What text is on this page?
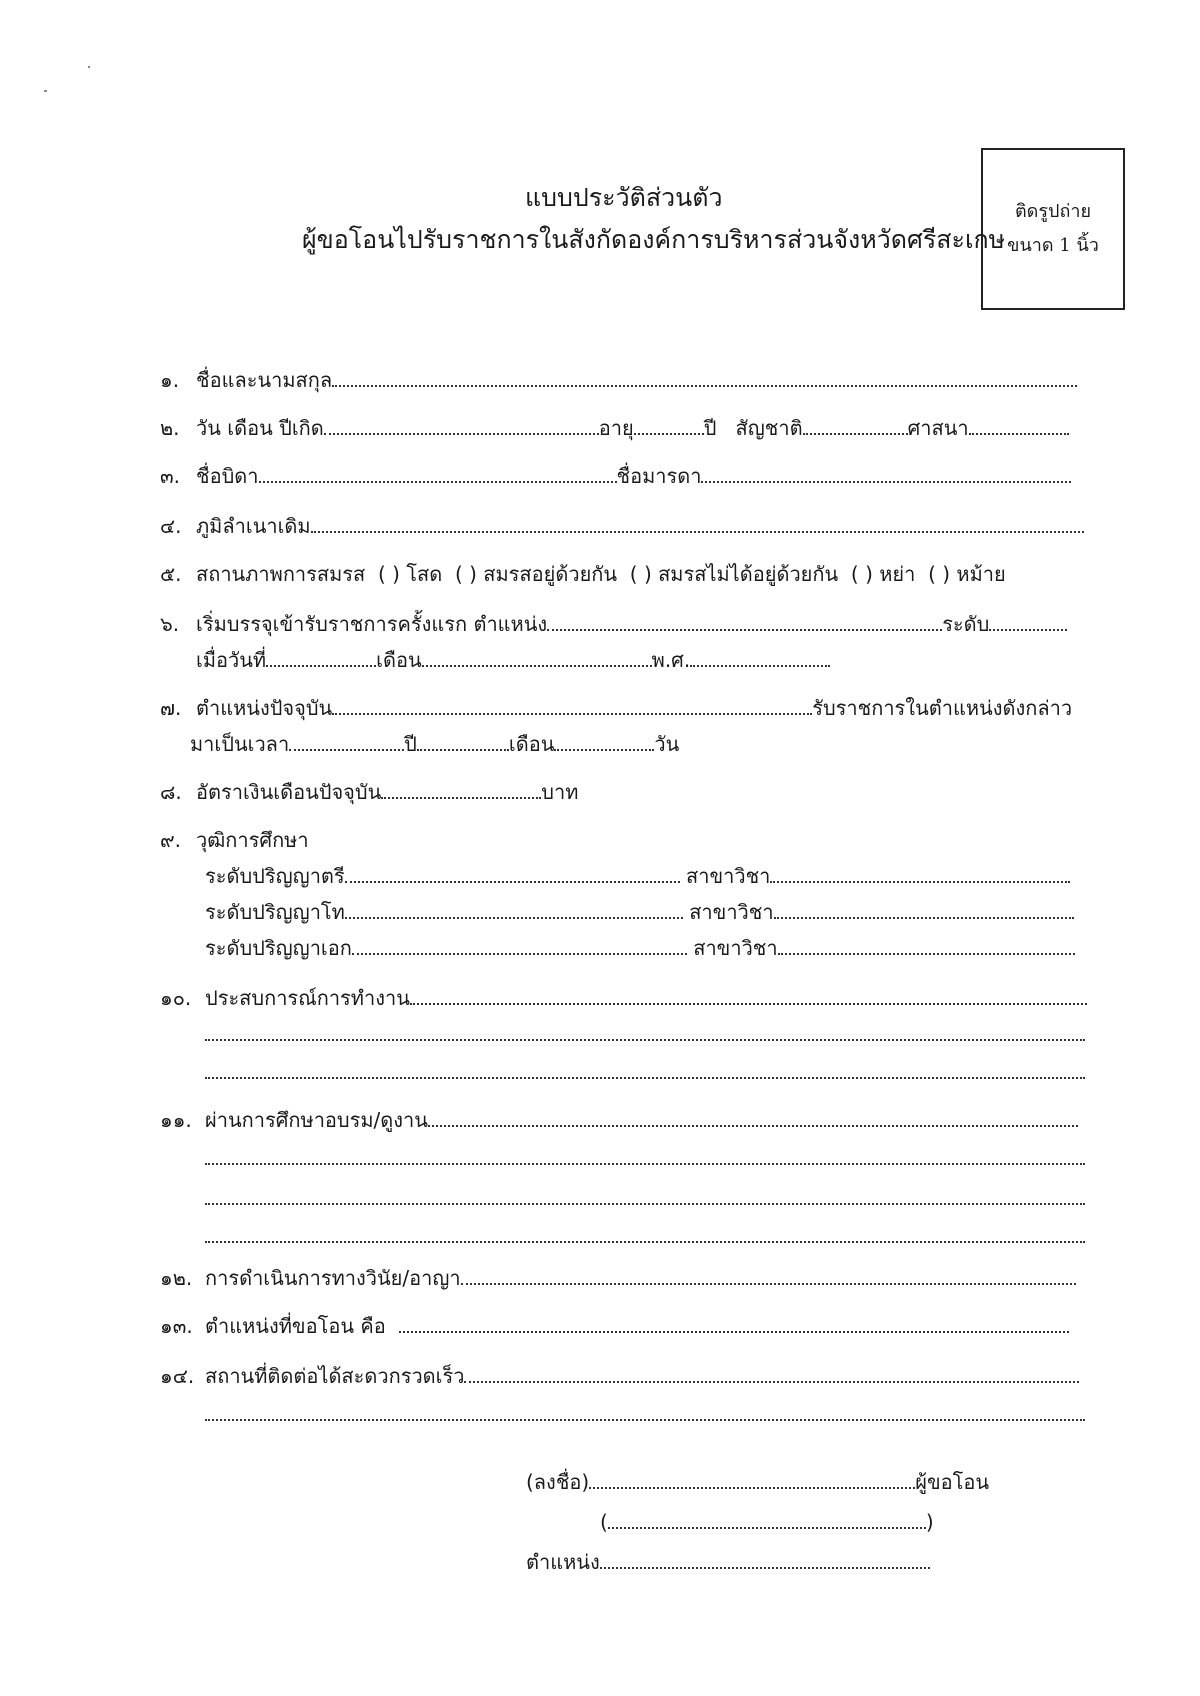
แบบประวัติส่วนตัว
ผู้ขอโอนไปรับราชการในสังกัดองค์การบริหารส่วนจังหวัดศรีสะเกษ
ติดรูปถ่าย
ขนาด 1 นิ้ว
๑. ชื่อและนามสกุล
๒. วัน เดือน ปีเกิด	อายุ	ปี สัญชาติ	ศาสนา
๓. ชื่อบิดา	ชื่อมารดา
๔. ภูมิลำเนาเดิม
๕. สถานภาพการสมรส ( ) โสด ( ) สมรสอยู่ด้วยกัน ( ) สมรสไม่ได้อยู่ด้วยกัน ( ) หย่า ( ) หม้าย
๖. เริ่มบรรจุเข้ารับราชการครั้งแรก ตำแหน่ง	ระดับ
เมื่อวันที่	เดือน	พ.ศ.
๗. ตำแหน่งปัจจุบัน	รับราชการในตำแหน่งดังกล่าว
มาเป็นเวลา	ปี	เดือน	วัน
๘. อัตราเงินเดือนปัจจุบัน	บาท
๙. วุฒิการศึกษา
ระดับปริญญาตรี	สาขาวิชา
ระดับปริญญาโท	สาขาวิชา
ระดับปริญญาเอก	สาขาวิชา
๑๐. ประสบการณ์การทำงาน
๑๑. ผ่านการศึกษาอบรม/ดูงาน
๑๒. การดำเนินการทางวินัย/อาญา
๑๓. ตำแหน่งที่ขอโอน คือ
๑๔. สถานที่ติดต่อได้สะดวกรวดเร็ว
(ลงชื่อ)	ผู้ขอโอน
(	)
ตำแหน่ง
